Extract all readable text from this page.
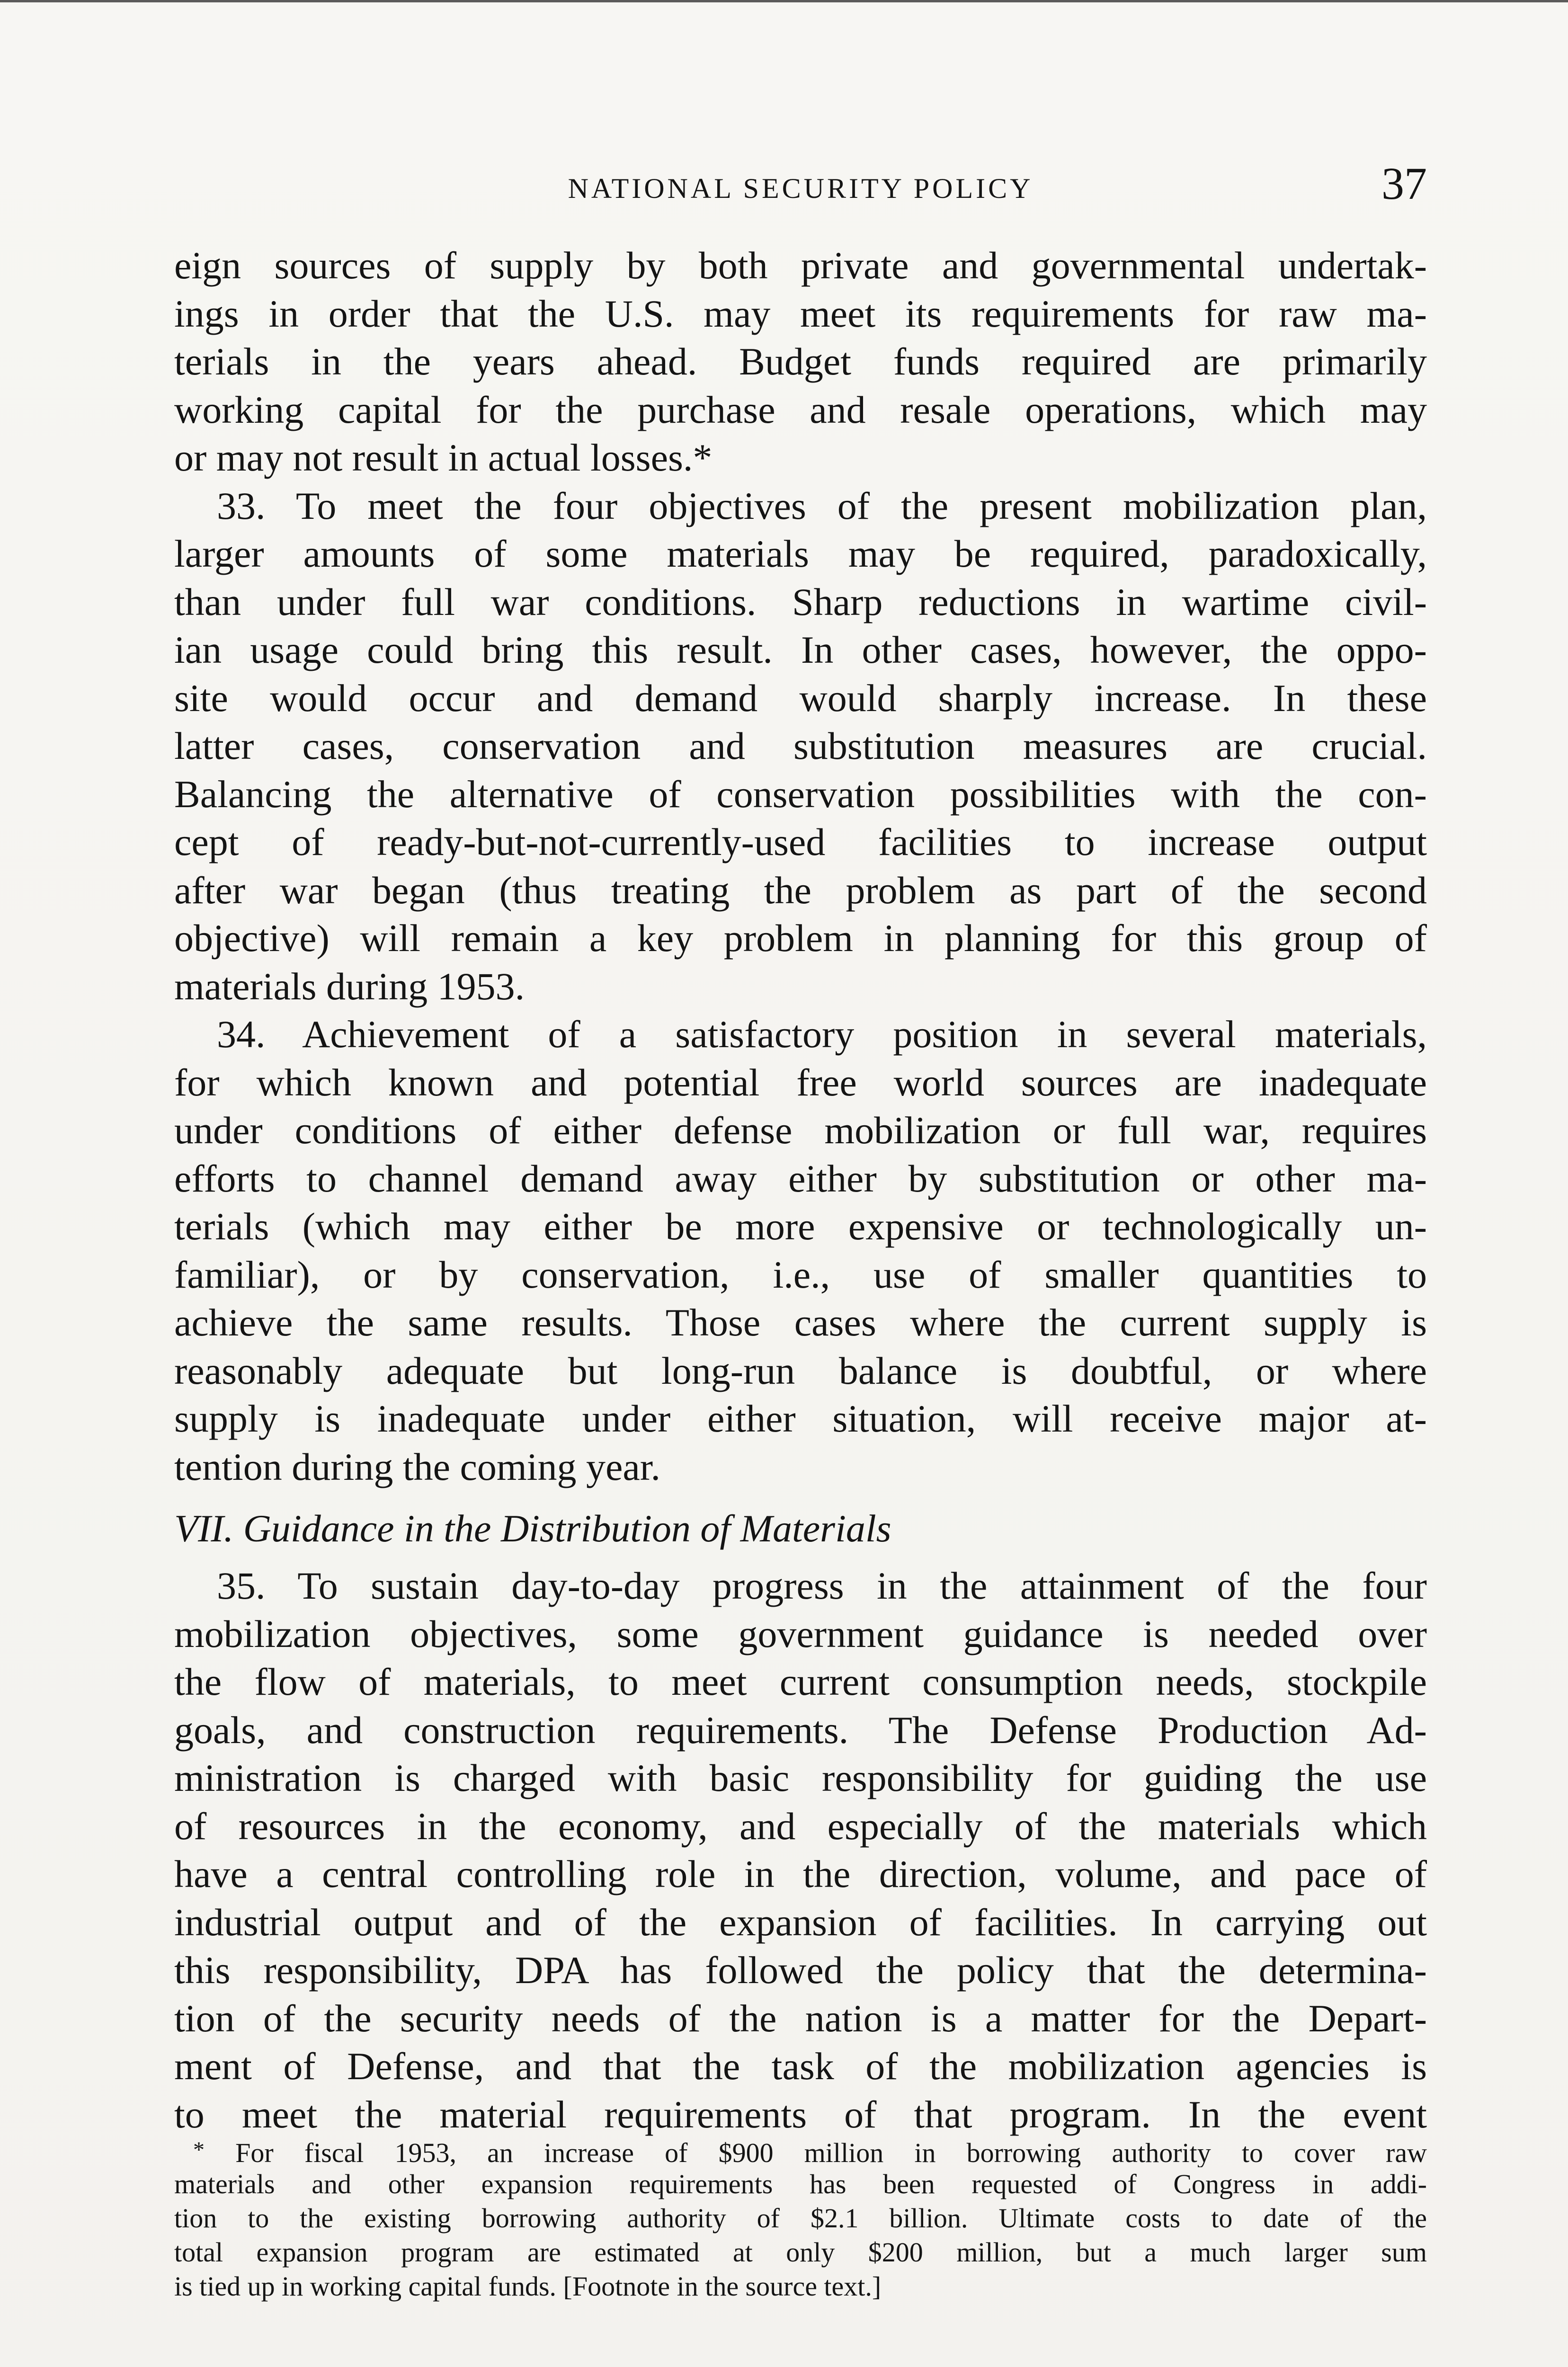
NATIONAL SECURITY POLICY	37
eign sources of supply by both private and governmental undertak-
ings in order that the U.S. may meet its requirements for raw ma-
terials in the years ahead. Budget funds required are primarily
working capital for the purchase and resale operations, which may
or may not result in actual losses.*
33. To meet the four objectives of the present mobilization plan,
larger amounts of some materials may be required, paradoxically,
than under full war conditions. Sharp reductions in wartime civil-
ian usage could bring this result. In other cases, however, the oppo-
site would occur and demand would sharply increase. In these
latter cases, conservation and substitution measures are crucial.
Balancing the alternative of conservation possibilities with the con-
cept of ready-but-not-currently-used facilities to increase output
after war began (thus treating the problem as part of the second
objective) will remain a key problem in planning for this group of
materials during 1953.
34. Achievement of a satisfactory position in several materials,
for which known and potential free world sources are inadequate
under conditions of either defense mobilization or full war, requires
efforts to channel demand away either by substitution or other ma-
terials (which may either be more expensive or technologically un-
familiar), or by conservation, i.e., use of smaller quantities to
achieve the same results. Those cases where the current supply is
reasonably adequate but long-run balance is doubtful, or where
supply is inadequate under either situation, will receive major at-
tention during the coming year.
VII. Guidance in the Distribution of Materials
35. To sustain day-to-day progress in the attainment of the four
mobilization objectives, some government guidance is needed over
the flow of materials, to meet current consumption needs, stockpile
goals, and construction requirements. The Defense Production Ad-
ministration is charged with basic responsibility for guiding the use
of resources in the economy, and especially of the materials which
have a central controlling role in the direction, volume, and pace of
industrial output and of the expansion of facilities. In carrying out
this responsibility, DPA has followed the policy that the determina-
tion of the security needs of the nation is a matter for the Depart-
ment of Defense, and that the task of the mobilization agencies is
to meet the material requirements of that program. In the event
* For fiscal 1953, an increase of $900 million in borrowing authority to cover raw
materials and other expansion requirements has been requested of Congress in addi-
tion to the existing borrowing authority of $2.1 billion. Ultimate costs to date of the
total expansion program are estimated at only $200 million, but a much larger sum
is tied up in working capital funds. [Footnote in the source text.]
